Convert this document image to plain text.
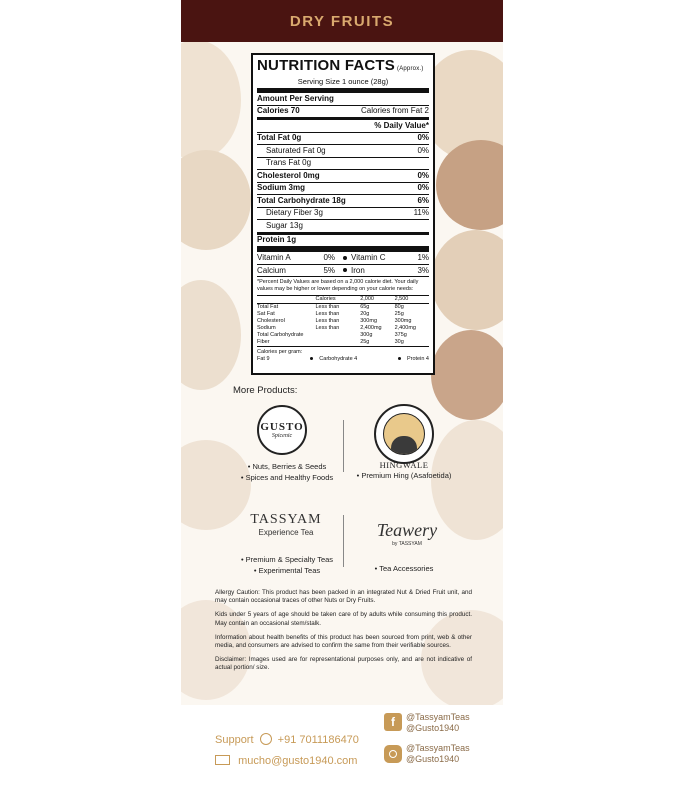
DRY FRUITS
NUTRITION FACTS (Approx.)
Serving Size 1 ounce (28g)
Amount Per Serving
Calories 70	Calories from Fat 2
% Daily Value*
Total Fat 0g	0%
Saturated Fat 0g	0%
Trans Fat 0g
Cholesterol 0mg	0%
Sodium 3mg	0%
Total Carbohydrate 18g	6%
Dietary Fiber 3g	11%
Sugar 13g
Protein 1g
Vitamin A	0% Vitamin C	1%
Calcium	5% Iron	3%
*Percent Daily Values are based on a 2,000 calorie diet. Your daily values may be higher or lower depending on your calorie needs:
	Calories	2,000	2,500
Total Fat	Less than	65g	80g
Sat Fat	Less than	20g	25g
Cholesterol	Less than	300mg	300mg
Sodium	Less than	2,400mg	2,400mg
Total Carbohydrate		300g	375g
Fiber		25g	30g
Calories per gram:
Fat 9	Carbohydrate 4	Protein 4
More Products:
GUSTO
Spicenic
• Nuts, Berries & Seeds
• Spices and Healthy Foods
HINGWALE
• Premium Hing (Asafoetida)
TASSYAM
Experience Tea
• Premium & Specialty Teas
• Experimental Teas
Teawery
by TASSYAM
• Tea Accessories

Allergy Caution: This product has been packed in an integrated Nut & Dried Fruit unit, and may contain occasional traces of other Nuts or Dry Fruits.

Kids under 5 years of age should be taken care of by adults while consuming this product. May contain an occasional stem/stalk.

Information about health benefits of this product has been sourced from print, web & other media, and consumers are advised to confirm the same from their verifiable sources.

Disclaimer: Images used are for representational purposes only, and are not indicative of actual portion/ size.

Support +91 7011186470
mucho@gusto1940.com
f	@TassyamTeas
@Gusto1940
@TassyamTeas
@Gusto1940
